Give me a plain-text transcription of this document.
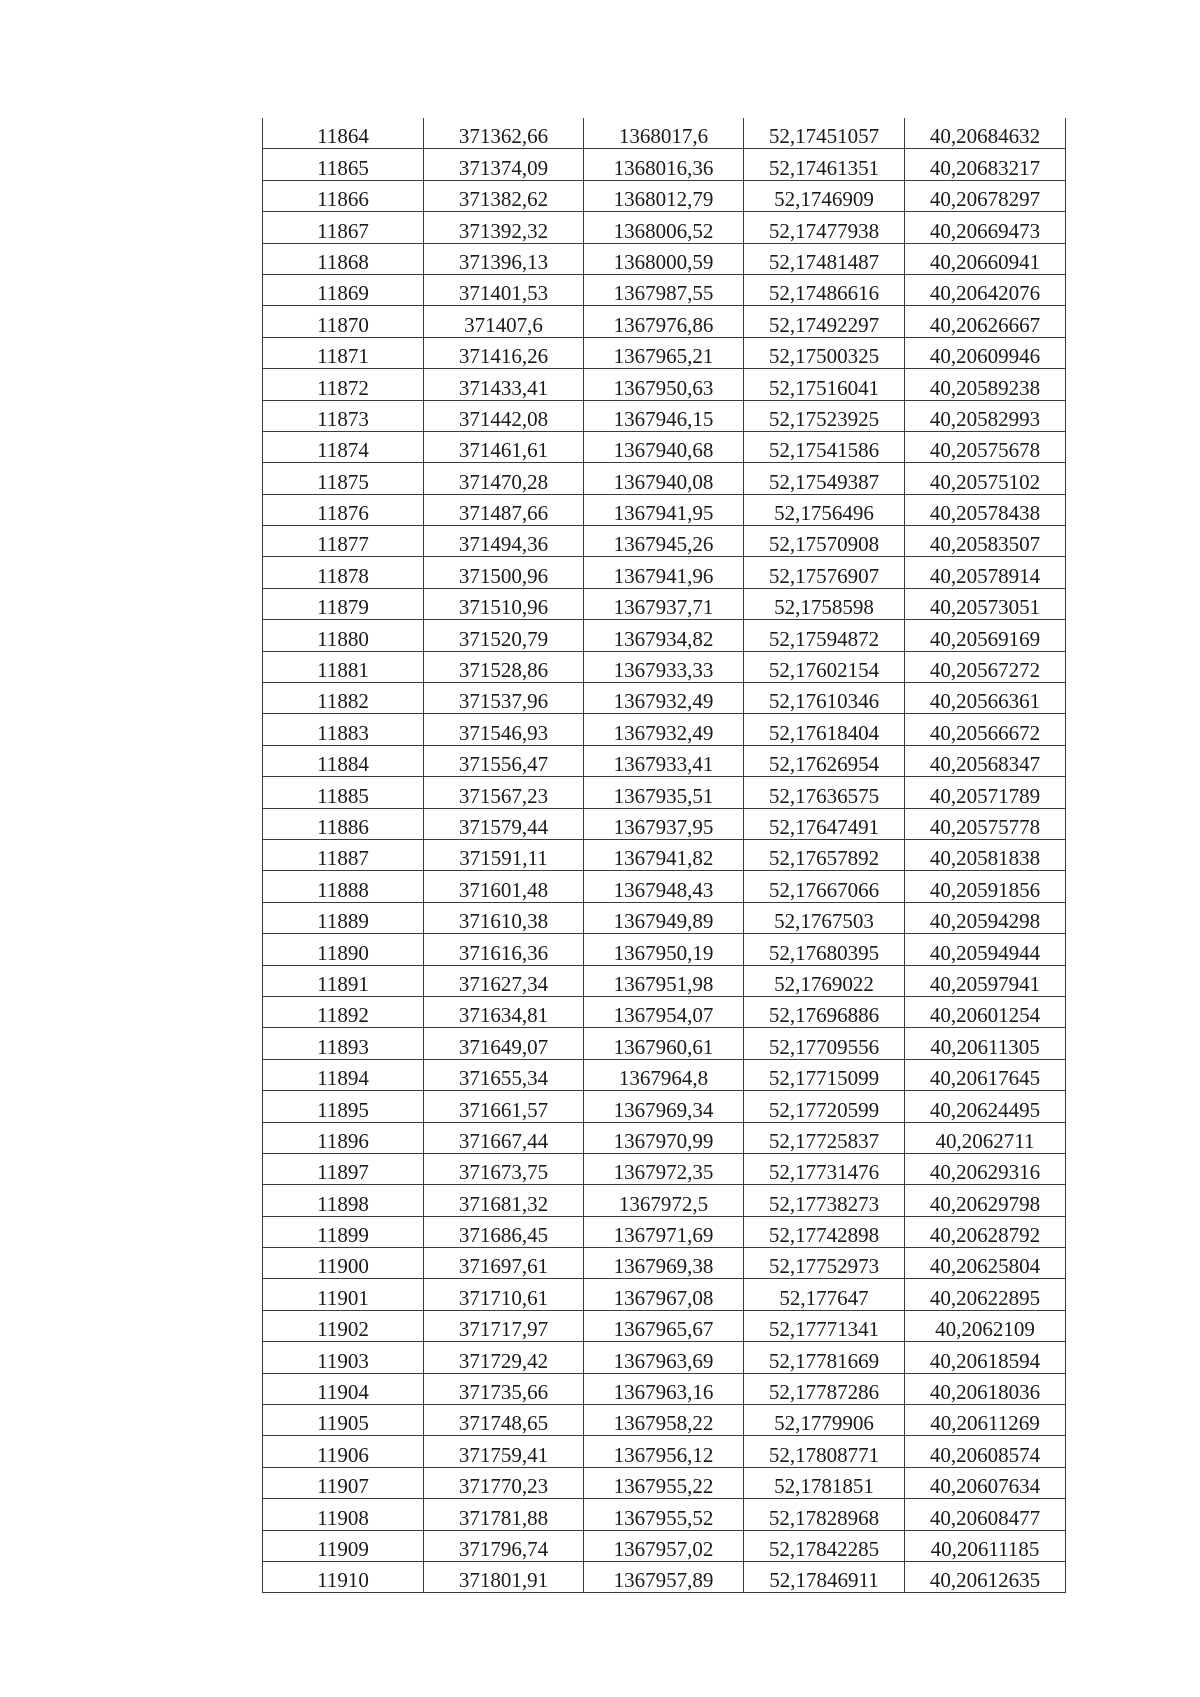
11864	371362,66	1368017,6	52,17451057	40,20684632
11865	371374,09	1368016,36	52,17461351	40,20683217
11866	371382,62	1368012,79	52,1746909	40,20678297
11867	371392,32	1368006,52	52,17477938	40,20669473
11868	371396,13	1368000,59	52,17481487	40,20660941
11869	371401,53	1367987,55	52,17486616	40,20642076
11870	371407,6	1367976,86	52,17492297	40,20626667
11871	371416,26	1367965,21	52,17500325	40,20609946
11872	371433,41	1367950,63	52,17516041	40,20589238
11873	371442,08	1367946,15	52,17523925	40,20582993
11874	371461,61	1367940,68	52,17541586	40,20575678
11875	371470,28	1367940,08	52,17549387	40,20575102
11876	371487,66	1367941,95	52,1756496	40,20578438
11877	371494,36	1367945,26	52,17570908	40,20583507
11878	371500,96	1367941,96	52,17576907	40,20578914
11879	371510,96	1367937,71	52,1758598	40,20573051
11880	371520,79	1367934,82	52,17594872	40,20569169
11881	371528,86	1367933,33	52,17602154	40,20567272
11882	371537,96	1367932,49	52,17610346	40,20566361
11883	371546,93	1367932,49	52,17618404	40,20566672
11884	371556,47	1367933,41	52,17626954	40,20568347
11885	371567,23	1367935,51	52,17636575	40,20571789
11886	371579,44	1367937,95	52,17647491	40,20575778
11887	371591,11	1367941,82	52,17657892	40,20581838
11888	371601,48	1367948,43	52,17667066	40,20591856
11889	371610,38	1367949,89	52,1767503	40,20594298
11890	371616,36	1367950,19	52,17680395	40,20594944
11891	371627,34	1367951,98	52,1769022	40,20597941
11892	371634,81	1367954,07	52,17696886	40,20601254
11893	371649,07	1367960,61	52,17709556	40,20611305
11894	371655,34	1367964,8	52,17715099	40,20617645
11895	371661,57	1367969,34	52,17720599	40,20624495
11896	371667,44	1367970,99	52,17725837	40,2062711
11897	371673,75	1367972,35	52,17731476	40,20629316
11898	371681,32	1367972,5	52,17738273	40,20629798
11899	371686,45	1367971,69	52,17742898	40,20628792
11900	371697,61	1367969,38	52,17752973	40,20625804
11901	371710,61	1367967,08	52,177647	40,20622895
11902	371717,97	1367965,67	52,17771341	40,2062109
11903	371729,42	1367963,69	52,17781669	40,20618594
11904	371735,66	1367963,16	52,17787286	40,20618036
11905	371748,65	1367958,22	52,1779906	40,20611269
11906	371759,41	1367956,12	52,17808771	40,20608574
11907	371770,23	1367955,22	52,1781851	40,20607634
11908	371781,88	1367955,52	52,17828968	40,20608477
11909	371796,74	1367957,02	52,17842285	40,20611185
11910	371801,91	1367957,89	52,17846911	40,20612635
